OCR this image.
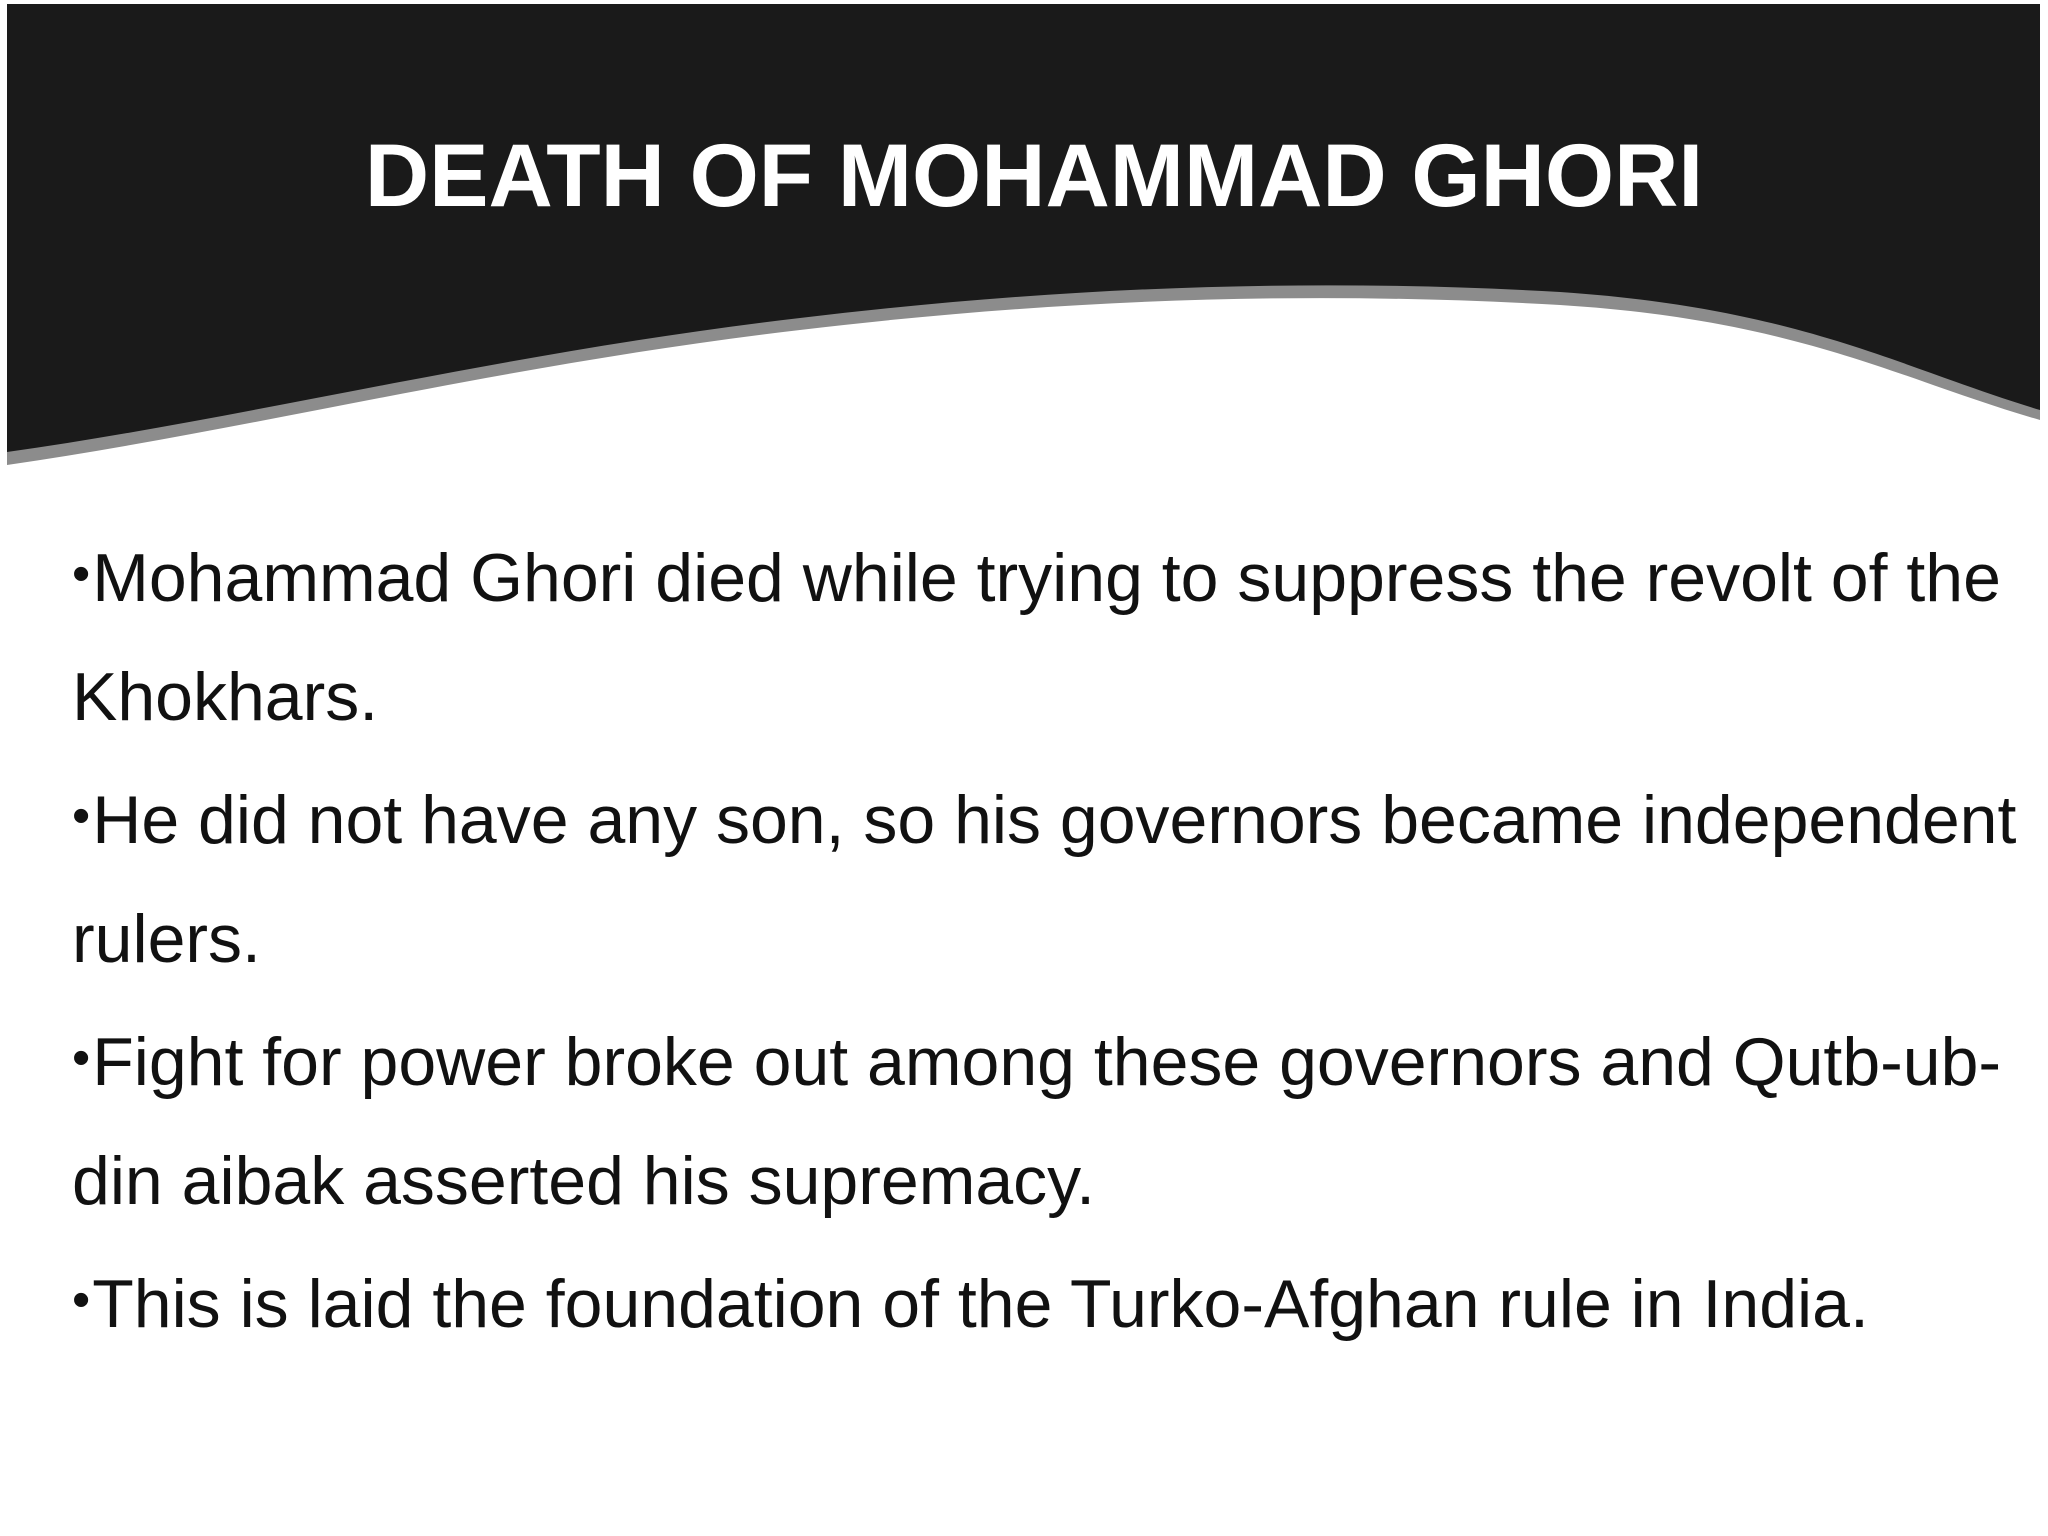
DEATH OF MOHAMMAD GHORI
•Mohammad Ghori died while trying to suppress the revolt of the Khokhars.
•He did not have any son, so his governors became independent rulers.
•Fight for power broke out among these governors and Qutb-ub-din aibak asserted his supremacy.
•This is laid the foundation of the Turko-Afghan rule in India.
